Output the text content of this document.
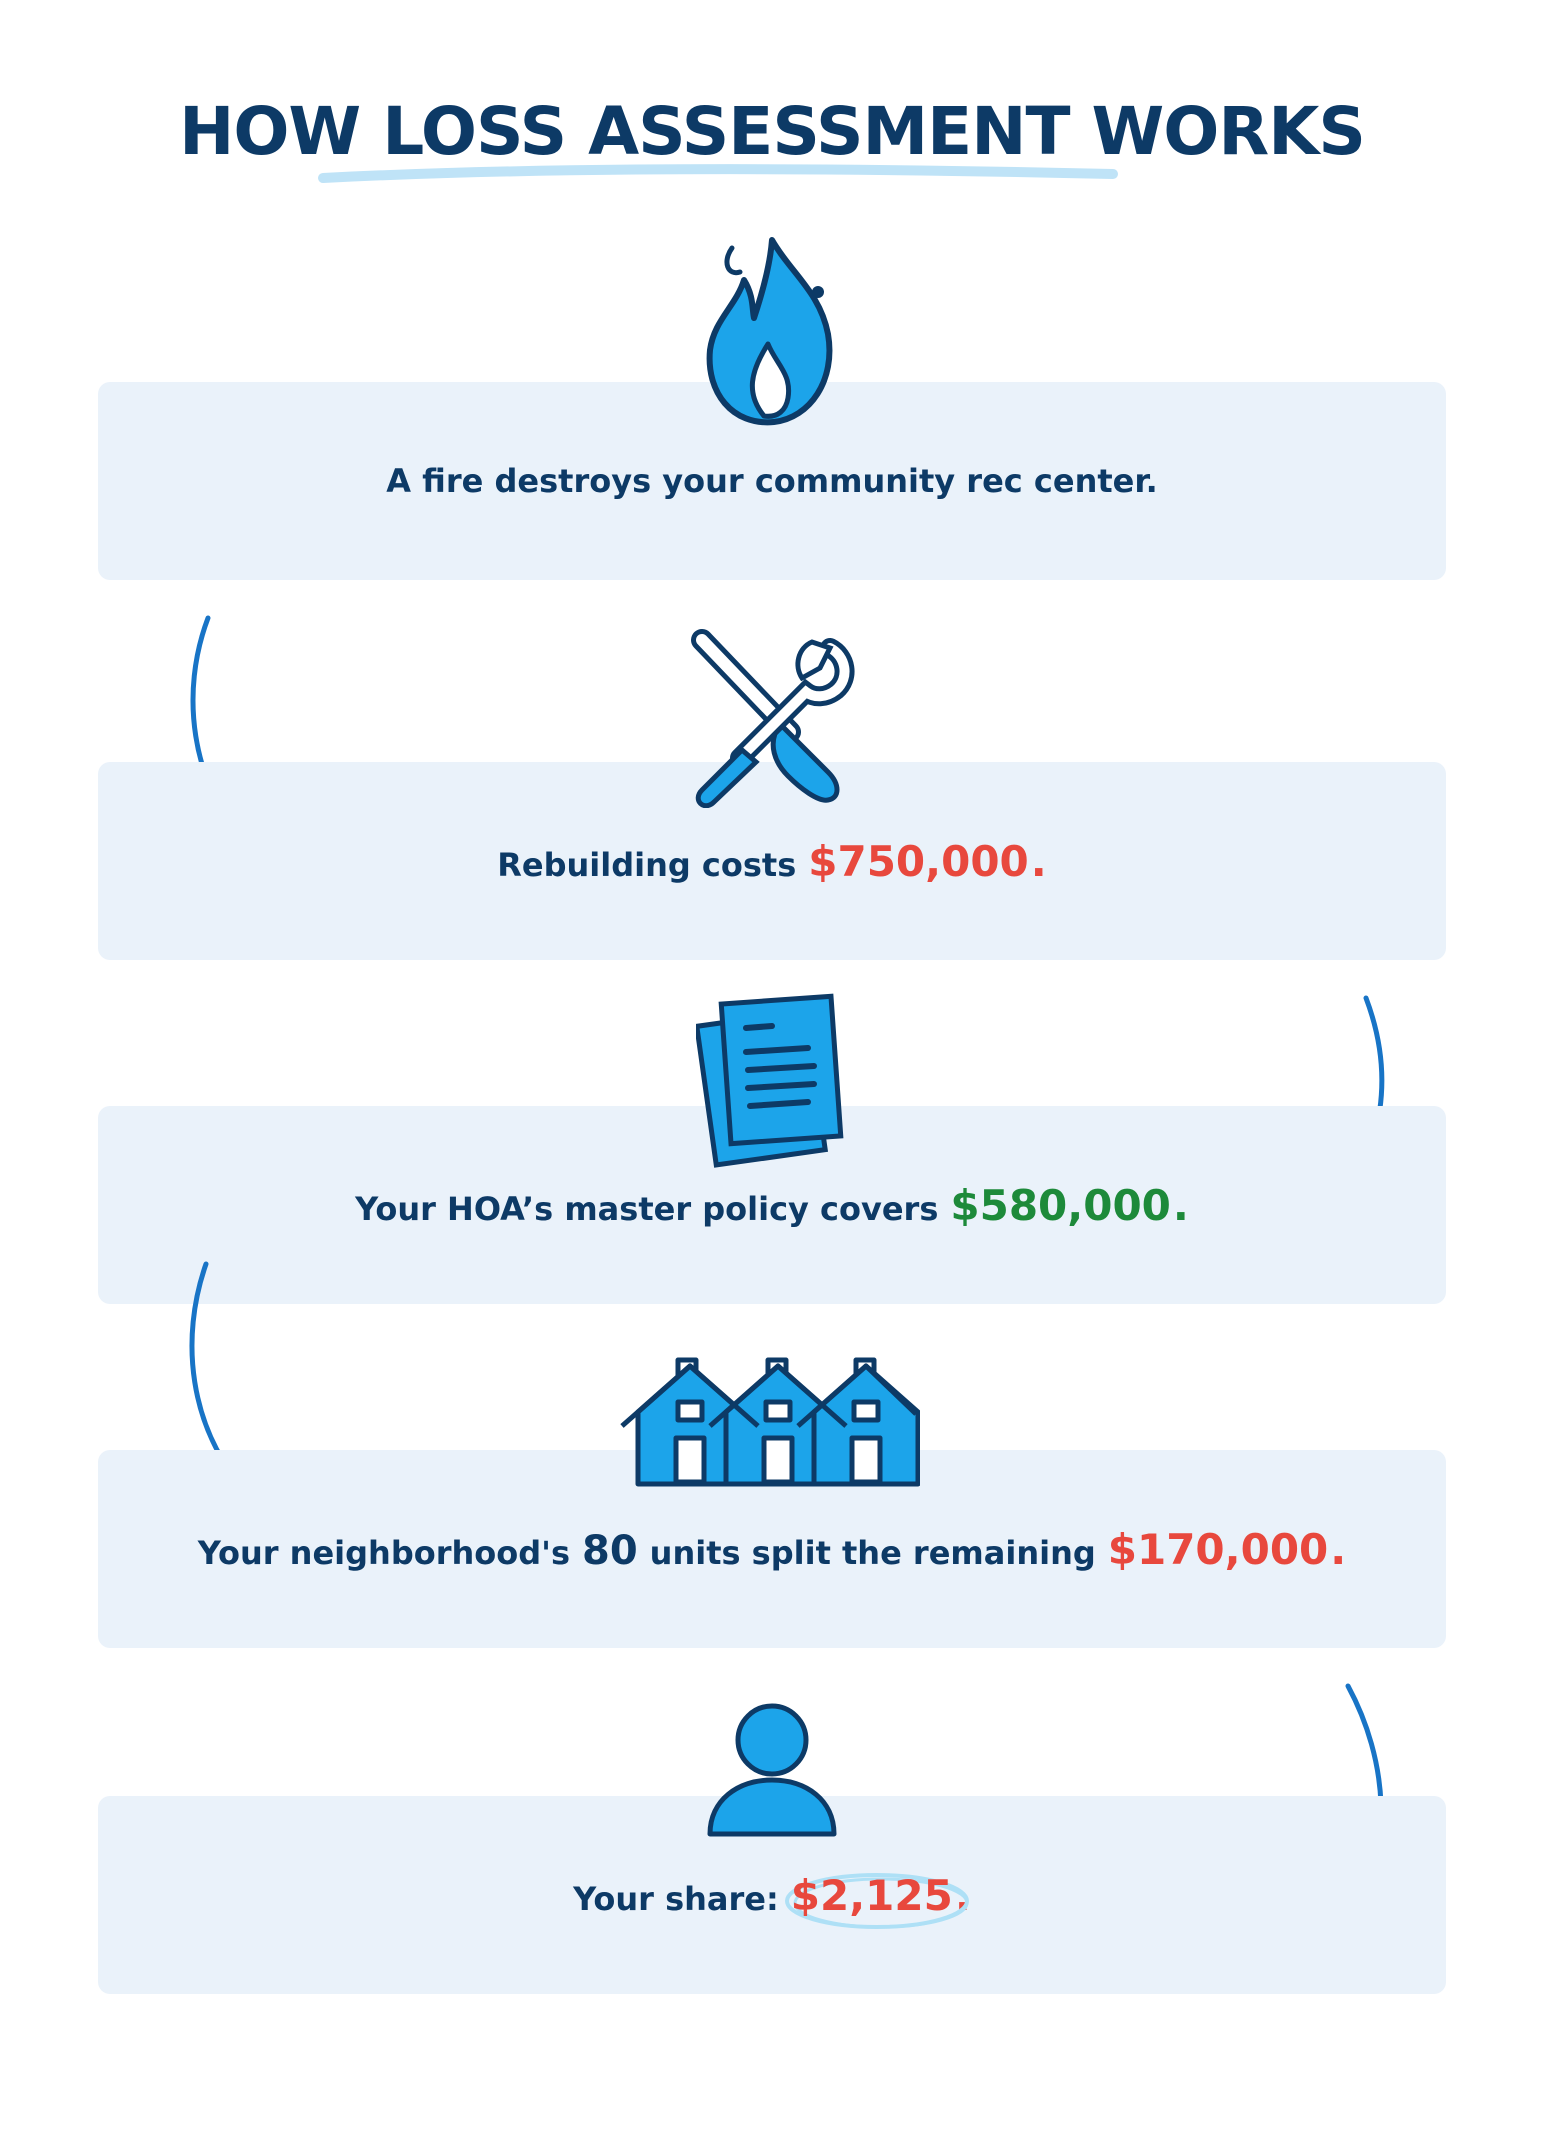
HOW LOSS ASSESSMENT WORKS
A fire destroys your community rec center.
Rebuilding costs $750,000 .
Your HOA’s master policy covers $580,000 .
Your neighborhood's 80 units split the remaining $170,000 .
Your share: $2,125 .
